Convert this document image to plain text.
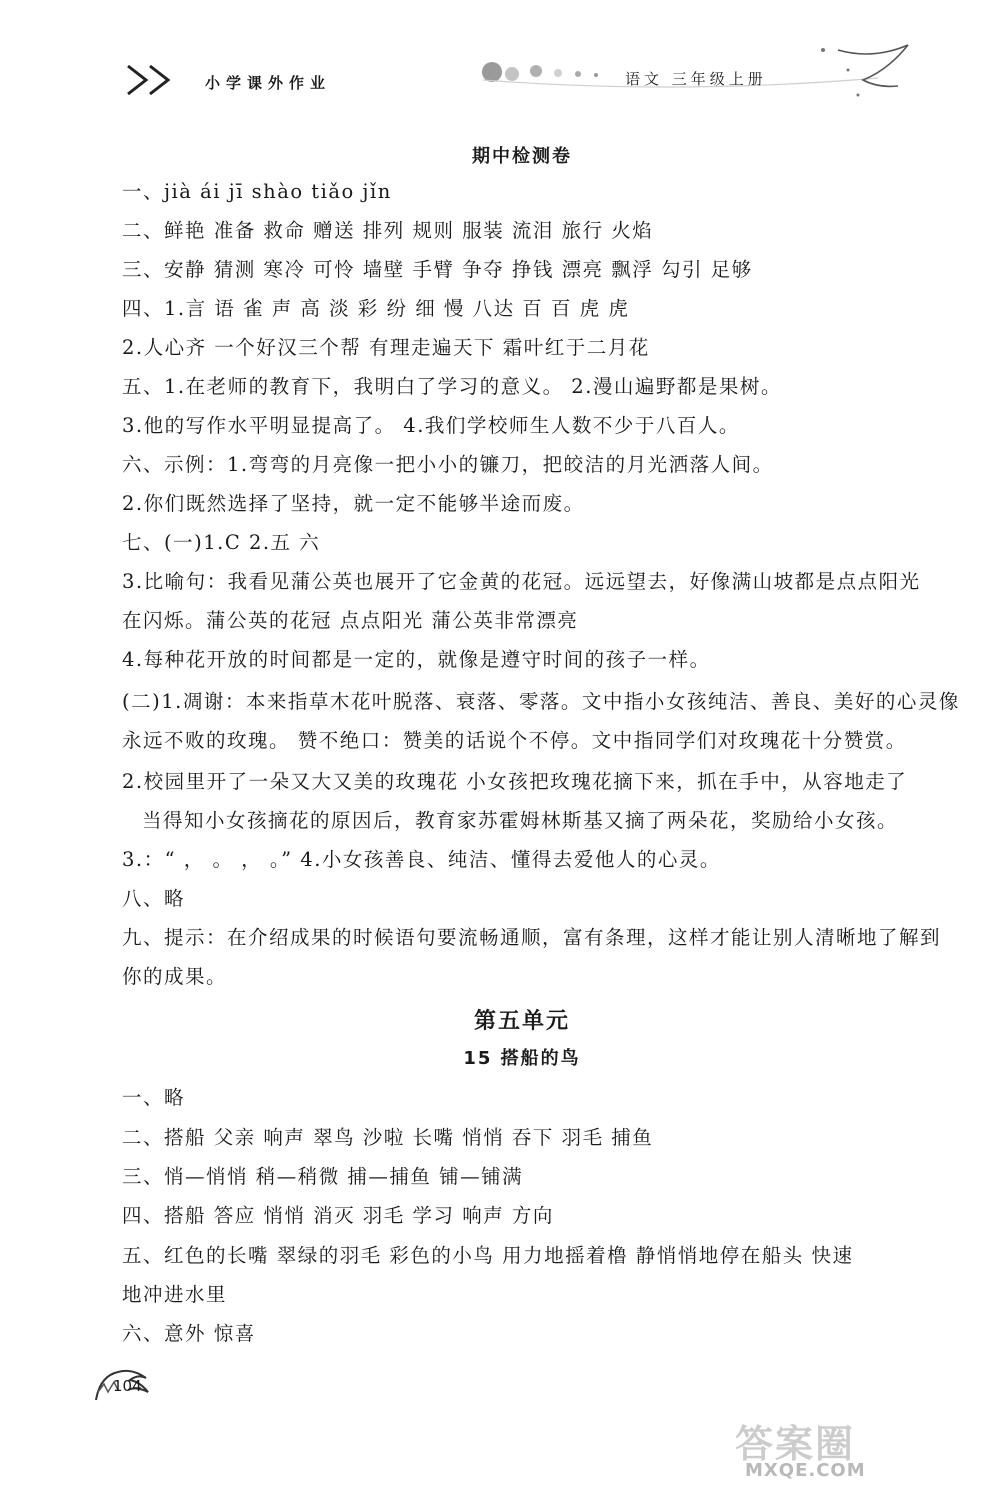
小学课外作业	语文 三年级上册
期中检测卷
一、jià ái jī shào tiǎo jǐn
二、鲜艳 准备 救命 赠送 排列 规则 服装 流泪 旅行 火焰
三、安静 猜测 寒冷 可怜 墙壁 手臂 争夺 挣钱 漂亮 飘浮 勾引 足够
四、1.言 语 雀 声 高 淡 彩 纷 细 慢 八达 百 百 虎 虎
2.人心齐 一个好汉三个帮 有理走遍天下 霜叶红于二月花
五、1.在老师的教育下，我明白了学习的意义。 2.漫山遍野都是果树。
3.他的写作水平明显提高了。 4.我们学校师生人数不少于八百人。
六、示例：1.弯弯的月亮像一把小小的镰刀，把皎洁的月光洒落人间。
2.你们既然选择了坚持，就一定不能够半途而废。
七、(一)1.C 2.五 六
3.比喻句：我看见蒲公英也展开了它金黄的花冠。远远望去，好像满山坡都是点点阳光
在闪烁。蒲公英的花冠 点点阳光 蒲公英非常漂亮
4.每种花开放的时间都是一定的，就像是遵守时间的孩子一样。
(二)1.凋谢：本来指草木花叶脱落、衰落、零落。文中指小女孩纯洁、善良、美好的心灵像
永远不败的玫瑰。 赞不绝口：赞美的话说个不停。文中指同学们对玫瑰花十分赞赏。
2.校园里开了一朵又大又美的玫瑰花 小女孩把玫瑰花摘下来，抓在手中，从容地走了
当得知小女孩摘花的原因后，教育家苏霍姆林斯基又摘了两朵花，奖励给小女孩。
3.：“ ， 。 ， 。” 4.小女孩善良、纯洁、懂得去爱他人的心灵。
八、略
九、提示：在介绍成果的时候语句要流畅通顺，富有条理，这样才能让别人清晰地了解到
你的成果。
第五单元
15 搭船的鸟
一、略
二、搭船 父亲 响声 翠鸟 沙啦 长嘴 悄悄 吞下 羽毛 捕鱼
三、悄—悄悄 稍—稍微 捕—捕鱼 铺—铺满
四、搭船 答应 悄悄 消灭 羽毛 学习 响声 方向
五、红色的长嘴 翠绿的羽毛 彩色的小鸟 用力地摇着橹 静悄悄地停在船头 快速
地冲进水里
六、意外 惊喜
104
答案圈
MXQE.COM
